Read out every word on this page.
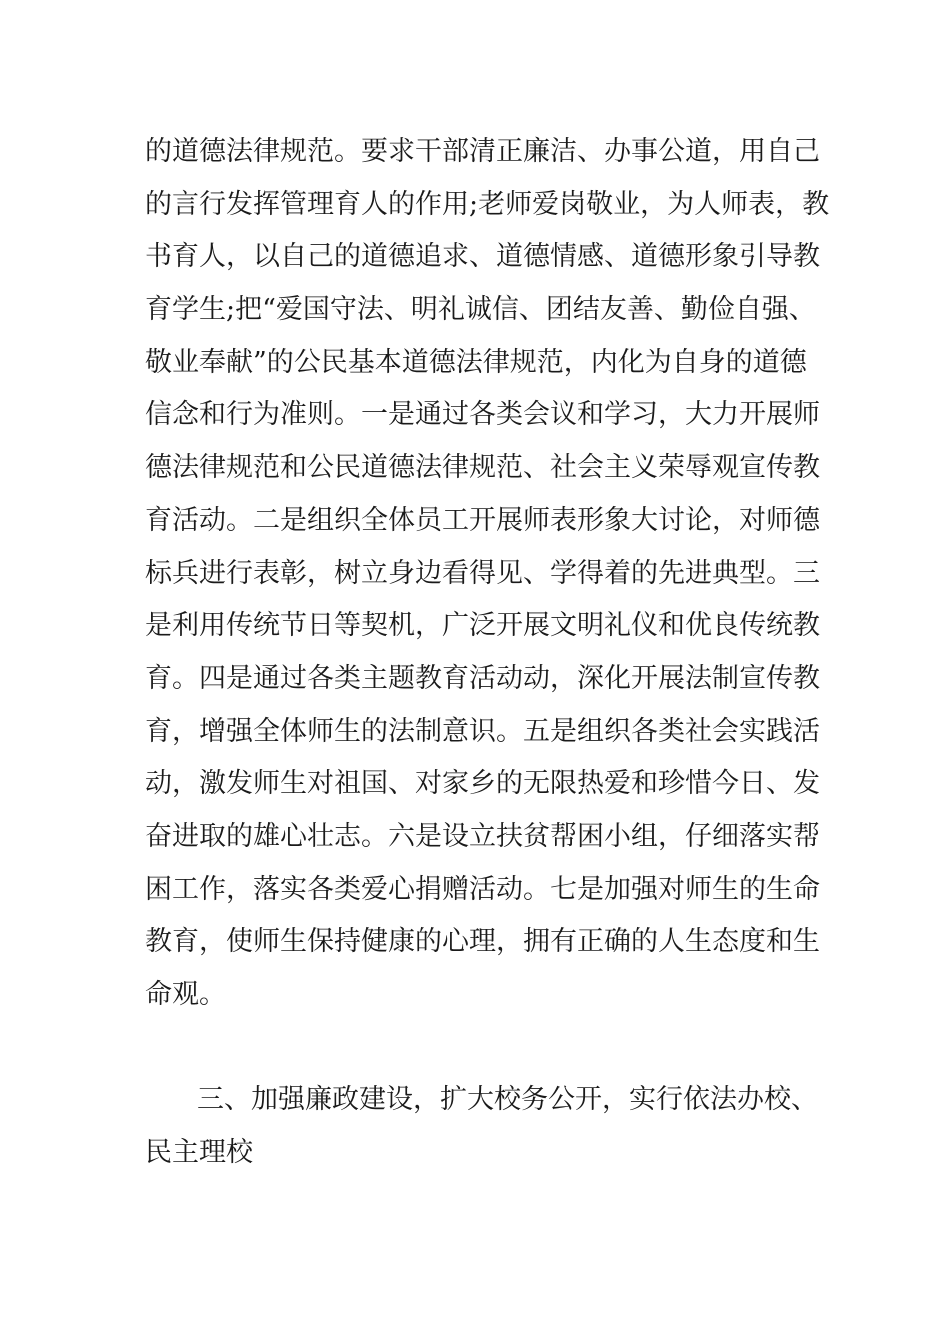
的道德法律规范。要求干部清正廉洁、办事公道，用自己
的言行发挥管理育人的作用;老师爱岗敬业，为人师表，教
书育人，以自己的道德追求、道德情感、道德形象引导教
育学生;把“爱国守法、明礼诚信、团结友善、勤俭自强、
敬业奉献”的公民基本道德法律规范，内化为自身的道德
信念和行为准则。一是通过各类会议和学习，大力开展师
德法律规范和公民道德法律规范、社会主义荣辱观宣传教
育活动。二是组织全体员工开展师表形象大讨论，对师德
标兵进行表彰，树立身边看得见、学得着的先进典型。三
是利用传统节日等契机，广泛开展文明礼仪和优良传统教
育。四是通过各类主题教育活动动，深化开展法制宣传教
育，增强全体师生的法制意识。五是组织各类社会实践活
动，激发师生对祖国、对家乡的无限热爱和珍惜今日、发
奋进取的雄心壮志。六是设立扶贫帮困小组，仔细落实帮
困工作，落实各类爱心捐赠活动。七是加强对师生的生命
教育，使师生保持健康的心理，拥有正确的人生态度和生
命观。
三、加强廉政建设，扩大校务公开，实行依法办校、
民主理校
